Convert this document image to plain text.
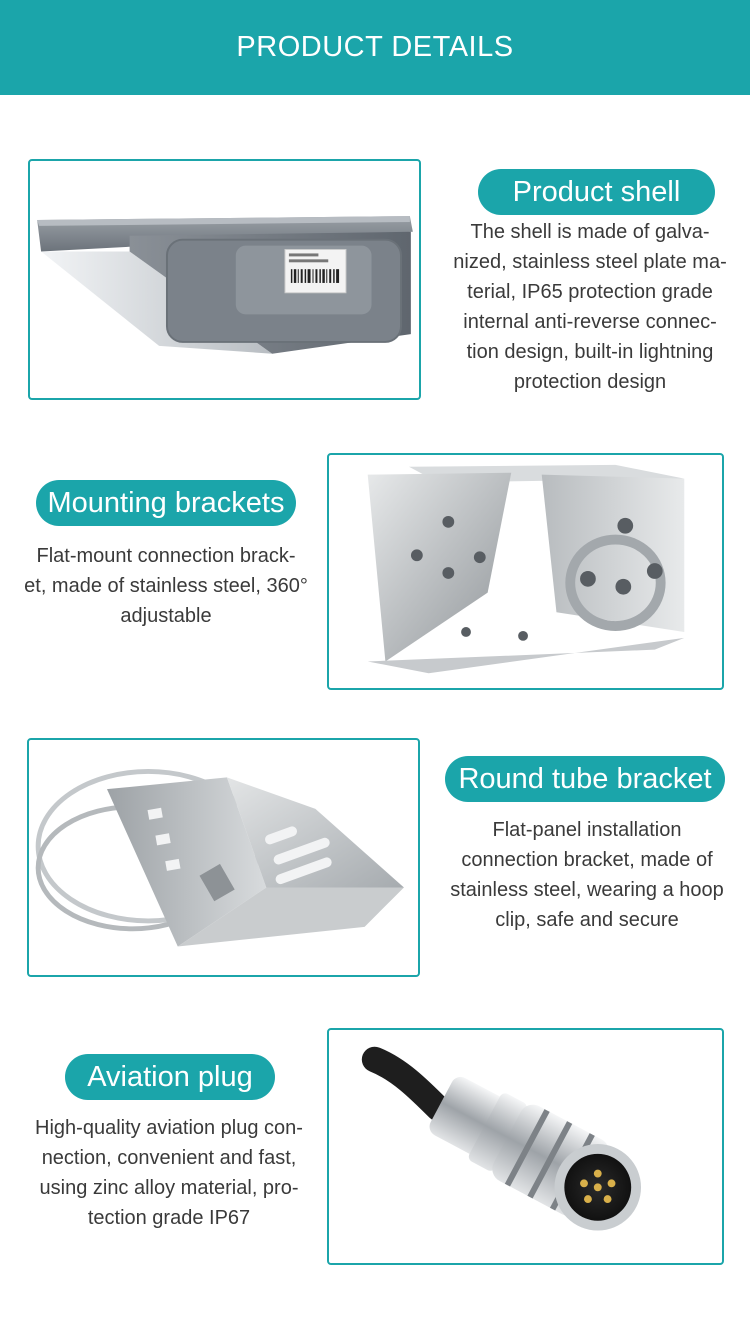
PRODUCT DETAILS
Product shell
The shell is made of galva-
nized, stainless steel plate ma-
terial, IP65 protection grade
internal anti-reverse connec-
tion design, built-in lightning
protection design
Mounting brackets
Flat-mount connection brack-
et, made of stainless steel, 360°
adjustable
Round tube bracket
Flat-panel installation
connection bracket, made of
stainless steel, wearing a hoop
clip, safe and secure
Aviation plug
High-quality aviation plug con-
nection, convenient and fast,
using zinc alloy material, pro-
tection grade IP67
